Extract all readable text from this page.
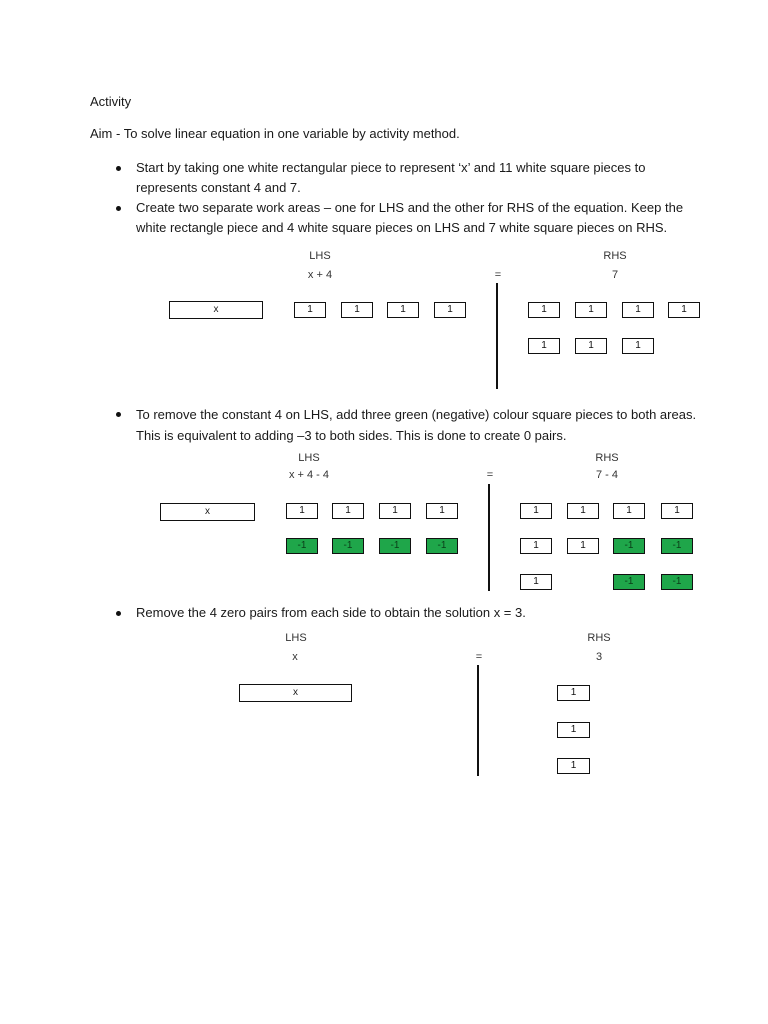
Activity
Aim - To solve linear equation in one variable by activity method.
Start by taking one white rectangular piece to represent ‘x’ and 11 white square pieces to
represents constant 4 and 7.
Create two separate work areas – one for LHS and the other for RHS of the equation. Keep the
white rectangle piece and 4 white square pieces on LHS and 7 white square pieces on RHS.
LHS
x + 4	=
RHS
7
x	1	1	1	1	1	1	1	1
1	1	1
To remove the constant 4 on LHS, add three green (negative) colour square pieces to both areas.
This is equivalent to adding –3 to both sides. This is done to create 0 pairs.
LHS
x + 4 - 4	=
RHS
7 - 4
x	1	1	1	1
-1	-1	-1	-1
1	1	1	1
1	1	-1	-1
1	-1	-1
Remove the 4 zero pairs from each side to obtain the solution x = 3.
LHS
x	=
RHS
3
x	1
1
1
